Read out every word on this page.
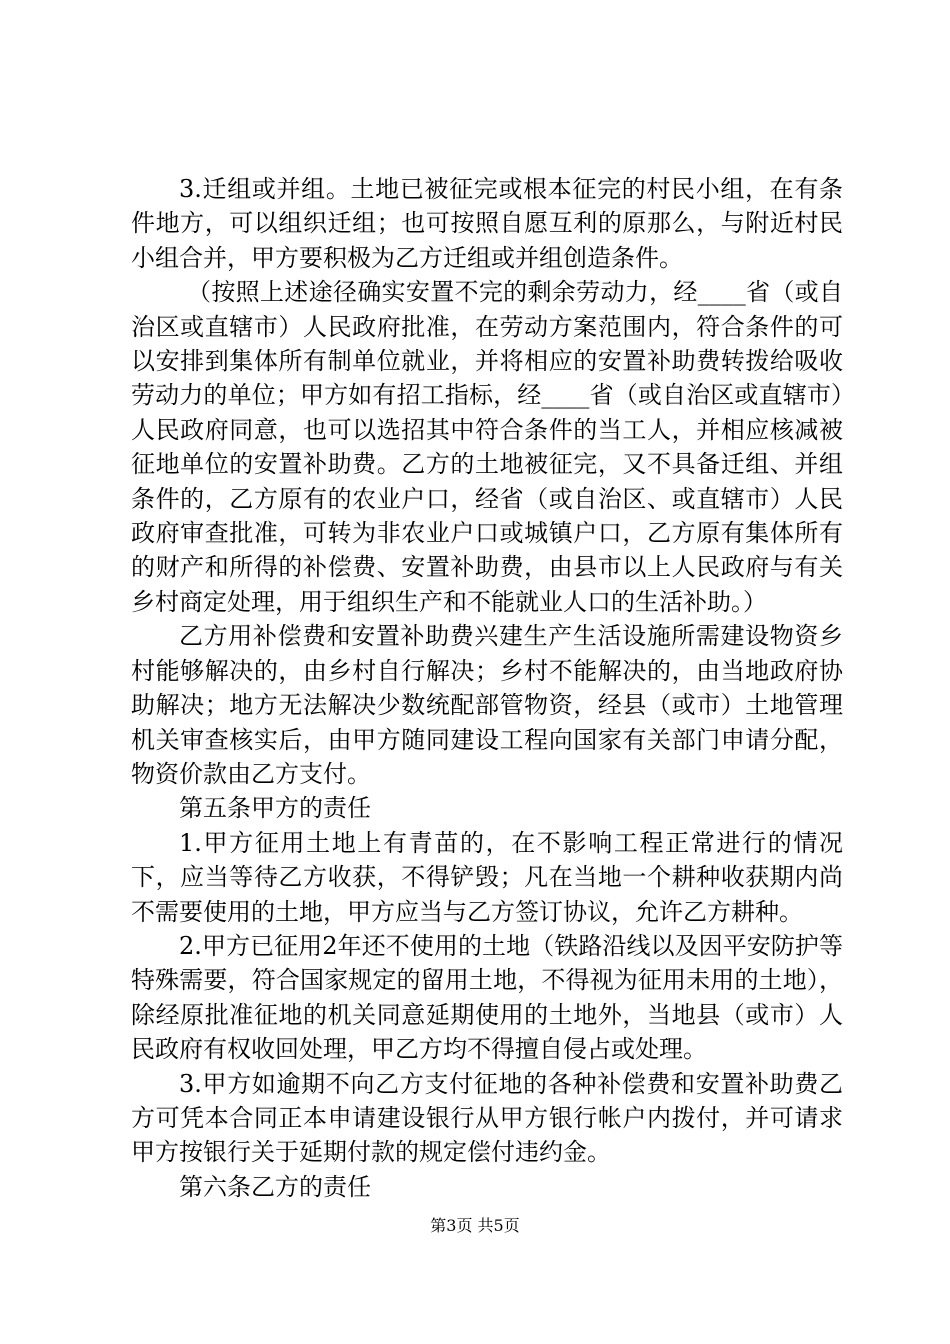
3.迁组或并组。土地已被征完或根本征完的村民小组，在有条件地方，可以组织迁组；也可按照自愿互利的原那么，与附近村民小组合并，甲方要积极为乙方迁组或并组创造条件。

（按照上述途径确实安置不完的剩余劳动力，经____省（或自治区或直辖市）人民政府批准，在劳动方案范围内，符合条件的可以安排到集体所有制单位就业，并将相应的安置补助费转拨给吸收劳动力的单位；甲方如有招工指标，经____省（或自治区或直辖市）人民政府同意，也可以选招其中符合条件的当工人，并相应核减被征地单位的安置补助费。乙方的土地被征完，又不具备迁组、并组条件的，乙方原有的农业户口，经省（或自治区、或直辖市）人民政府审查批准，可转为非农业户口或城镇户口，乙方原有集体所有的财产和所得的补偿费、安置补助费，由县市以上人民政府与有关乡村商定处理，用于组织生产和不能就业人口的生活补助。）

乙方用补偿费和安置补助费兴建生产生活设施所需建设物资乡村能够解决的，由乡村自行解决；乡村不能解决的，由当地政府协助解决；地方无法解决少数统配部管物资，经县（或市）土地管理机关审查核实后，由甲方随同建设工程向国家有关部门申请分配，物资价款由乙方支付。

第五条甲方的责任

1.甲方征用土地上有青苗的，在不影响工程正常进行的情况下，应当等待乙方收获，不得铲毁；凡在当地一个耕种收获期内尚不需要使用的土地，甲方应当与乙方签订协议，允许乙方耕种。

2.甲方已征用2年还不使用的土地（铁路沿线以及因平安防护等特殊需要，符合国家规定的留用土地，不得视为征用未用的土地），除经原批准征地的机关同意延期使用的土地外，当地县（或市）人民政府有权收回处理，甲乙方均不得擅自侵占或处理。

3.甲方如逾期不向乙方支付征地的各种补偿费和安置补助费乙方可凭本合同正本申请建设银行从甲方银行帐户内拨付，并可请求甲方按银行关于延期付款的规定偿付违约金。

第六条乙方的责任

第3页 共5页
